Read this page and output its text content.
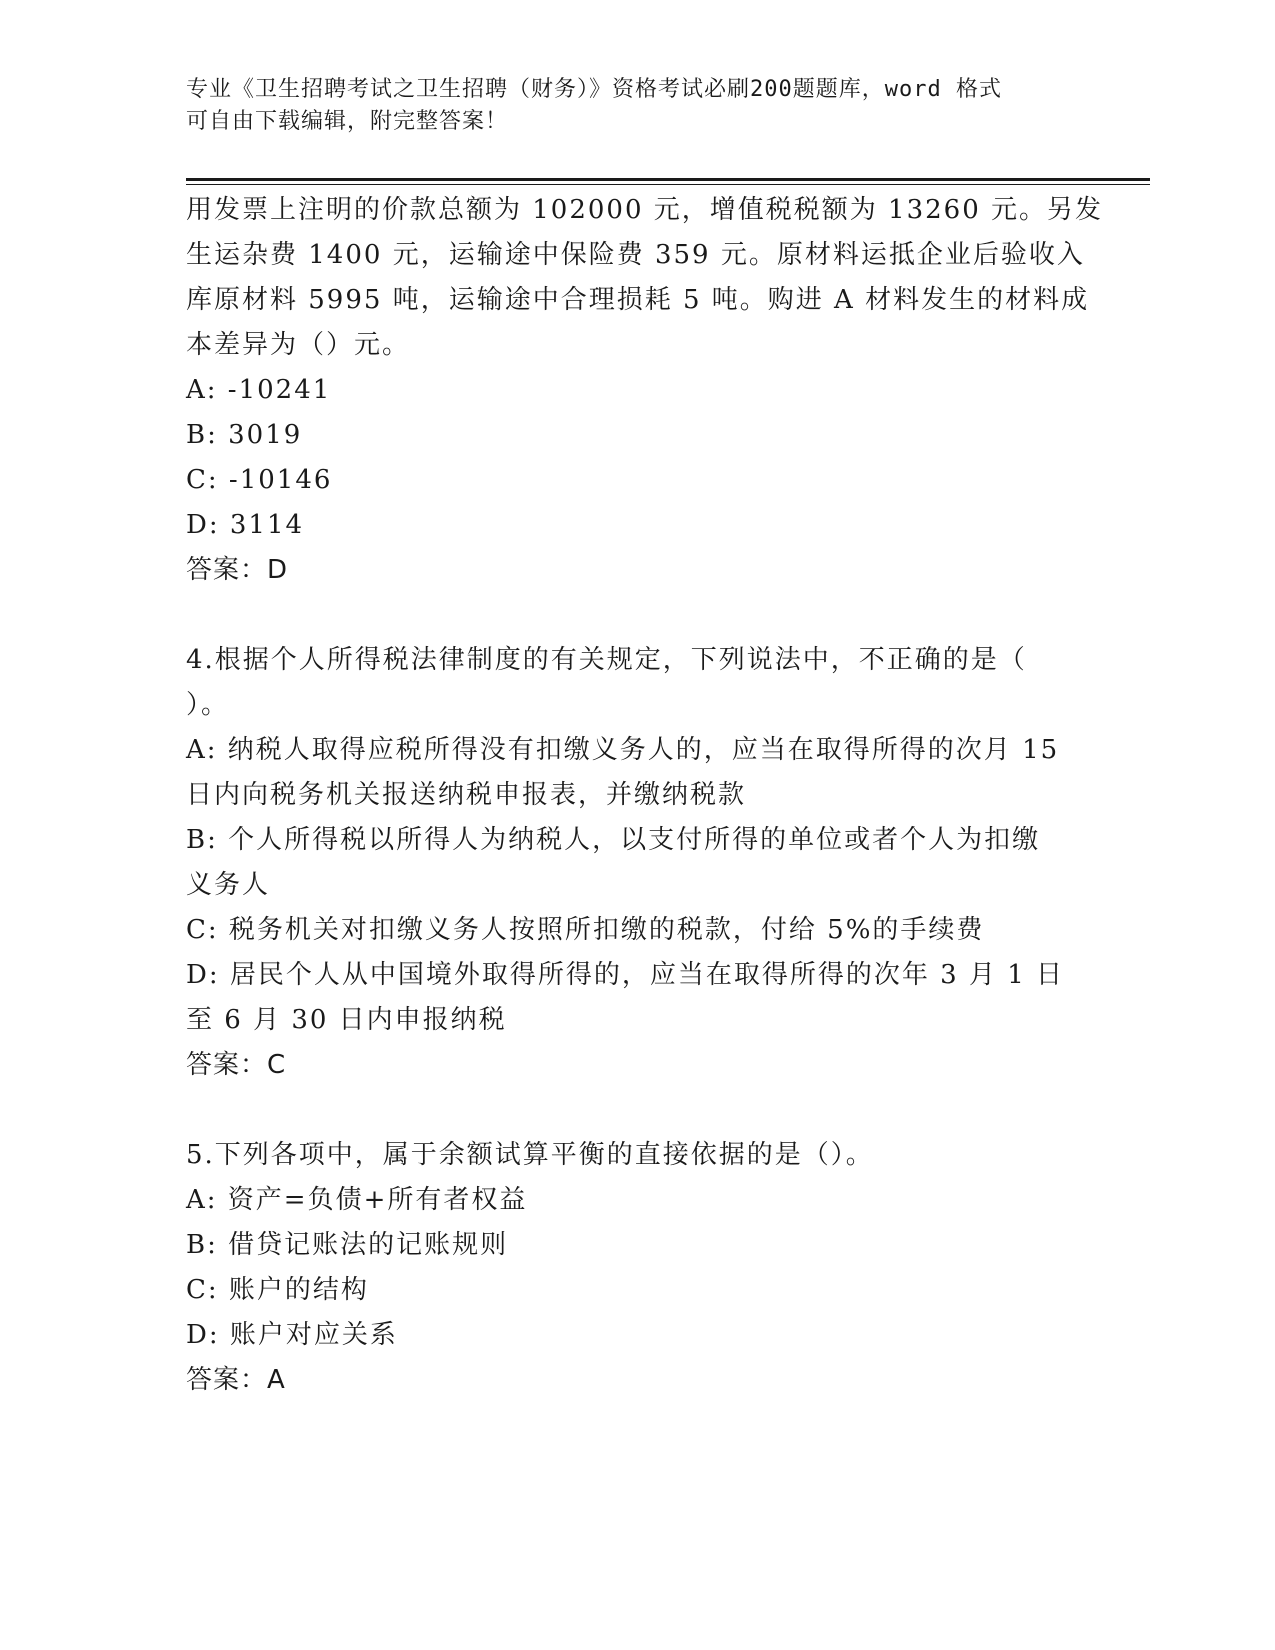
专业《卫生招聘考试之卫生招聘（财务）》资格考试必刷200题题库，word 格式
可自由下载编辑，附完整答案！
用发票上注明的价款总额为 102000 元，增值税税额为 13260 元。另发
生运杂费 1400 元，运输途中保险费 359 元。原材料运抵企业后验收入
库原材料 5995 吨，运输途中合理损耗 5 吨。购进 A 材料发生的材料成
本差异为（）元。
A: -10241
B: 3019
C: -10146
D: 3114
答案：D
4.根据个人所得税法律制度的有关规定，下列说法中，不正确的是（
）。
A: 纳税人取得应税所得没有扣缴义务人的，应当在取得所得的次月 15
日内向税务机关报送纳税申报表，并缴纳税款
B: 个人所得税以所得人为纳税人，以支付所得的单位或者个人为扣缴
义务人
C: 税务机关对扣缴义务人按照所扣缴的税款，付给 5%的手续费
D: 居民个人从中国境外取得所得的，应当在取得所得的次年 3 月 1 日
至 6 月 30 日内申报纳税
答案：C
5.下列各项中，属于余额试算平衡的直接依据的是（）。
A: 资产=负债+所有者权益
B: 借贷记账法的记账规则
C: 账户的结构
D: 账户对应关系
答案：A
